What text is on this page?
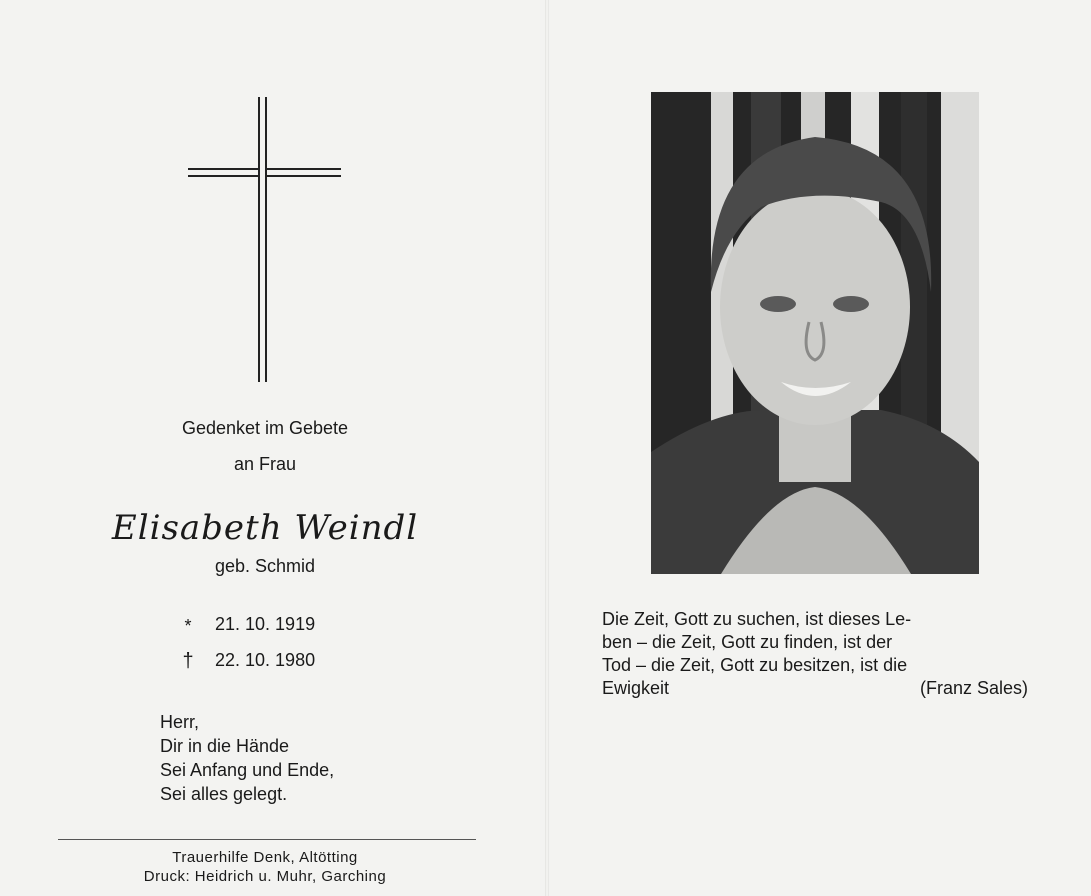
Gedenket im Gebete
an Frau
Elisabeth Weindl
geb. Schmid
*	21. 10. 1919
† 22. 10. 1980
Herr,
Dir in die Hände
Sei Anfang und Ende,
Sei alles gelegt.
Trauerhilfe Denk, Altötting
Druck: Heidrich u. Muhr, Garching
Die Zeit, Gott zu suchen, ist dieses Le-
ben – die Zeit, Gott zu finden, ist der
Tod – die Zeit, Gott zu besitzen, ist die
Ewigkeit	(Franz Sales)
